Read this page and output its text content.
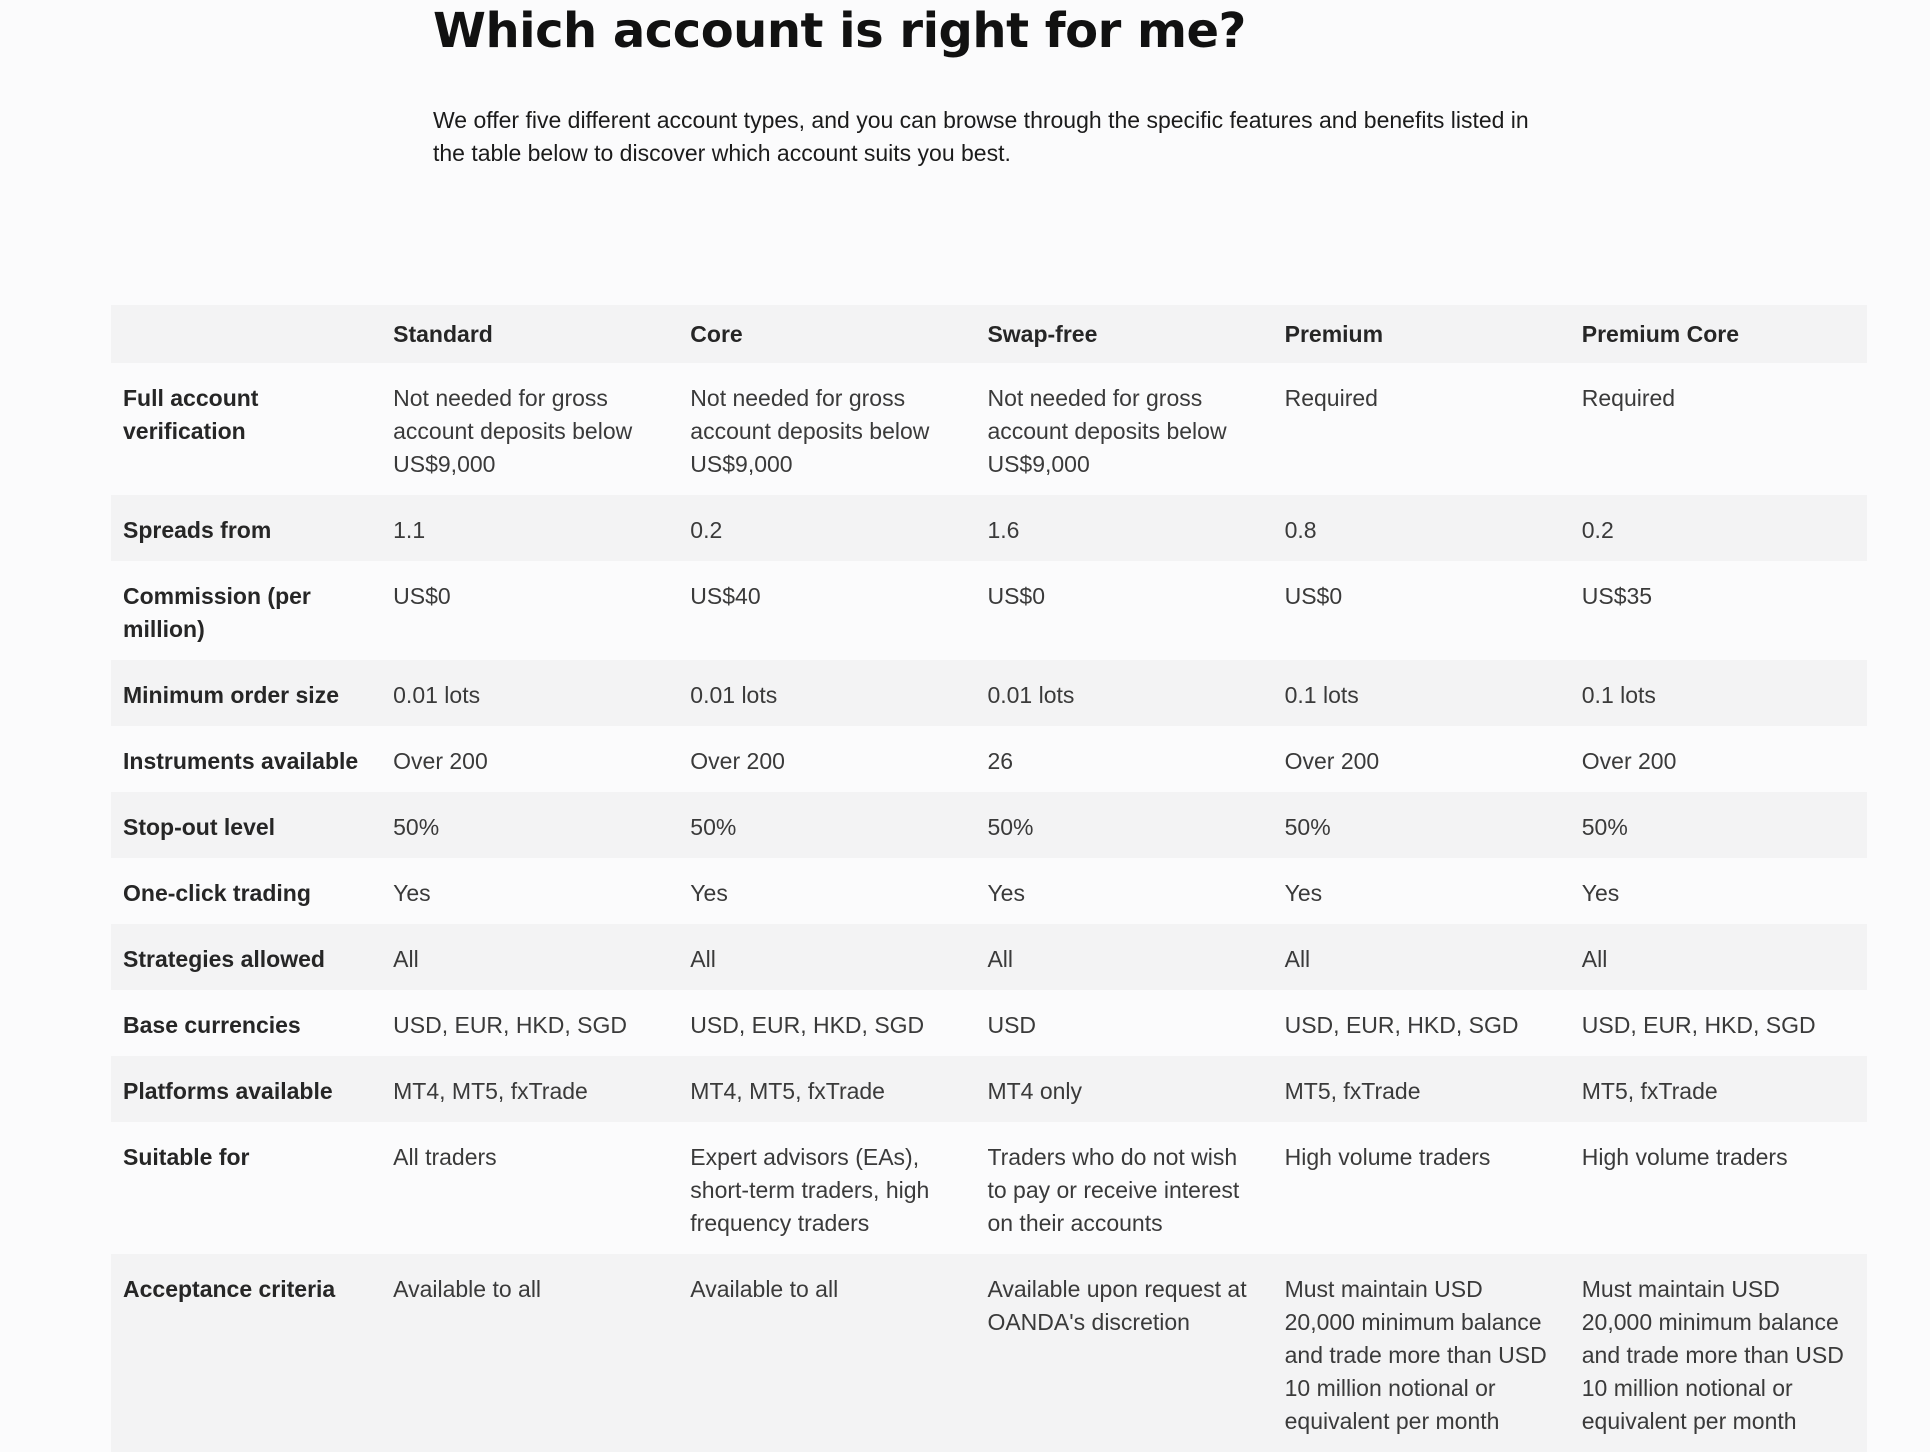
Which account is right for me?

We offer five different account types, and you can browse through the specific features and benefits listed in the table below to discover which account suits you best.

	Standard	Core	Swap-free	Premium	Premium Core
Full account verification	Not needed for gross account deposits below US$9,000	Not needed for gross account deposits below US$9,000	Not needed for gross account deposits below US$9,000	Required	Required
Spreads from	1.1	0.2	1.6	0.8	0.2
Commission (per million)	US$0	US$40	US$0	US$0	US$35
Minimum order size	0.01 lots	0.01 lots	0.01 lots	0.1 lots	0.1 lots
Instruments available	Over 200	Over 200	26	Over 200	Over 200
Stop-out level	50%	50%	50%	50%	50%
One-click trading	Yes	Yes	Yes	Yes	Yes
Strategies allowed	All	All	All	All	All
Base currencies	USD, EUR, HKD, SGD	USD, EUR, HKD, SGD	USD	USD, EUR, HKD, SGD	USD, EUR, HKD, SGD
Platforms available	MT4, MT5, fxTrade	MT4, MT5, fxTrade	MT4 only	MT5, fxTrade	MT5, fxTrade
Suitable for	All traders	Expert advisors (EAs), short-term traders, high frequency traders	Traders who do not wish to pay or receive interest on their accounts	High volume traders	High volume traders
Acceptance criteria	Available to all	Available to all	Available upon request at OANDA's discretion	Must maintain USD 20,000 minimum balance and trade more than USD 10 million notional or equivalent per month	Must maintain USD 20,000 minimum balance and trade more than USD 10 million notional or equivalent per month
